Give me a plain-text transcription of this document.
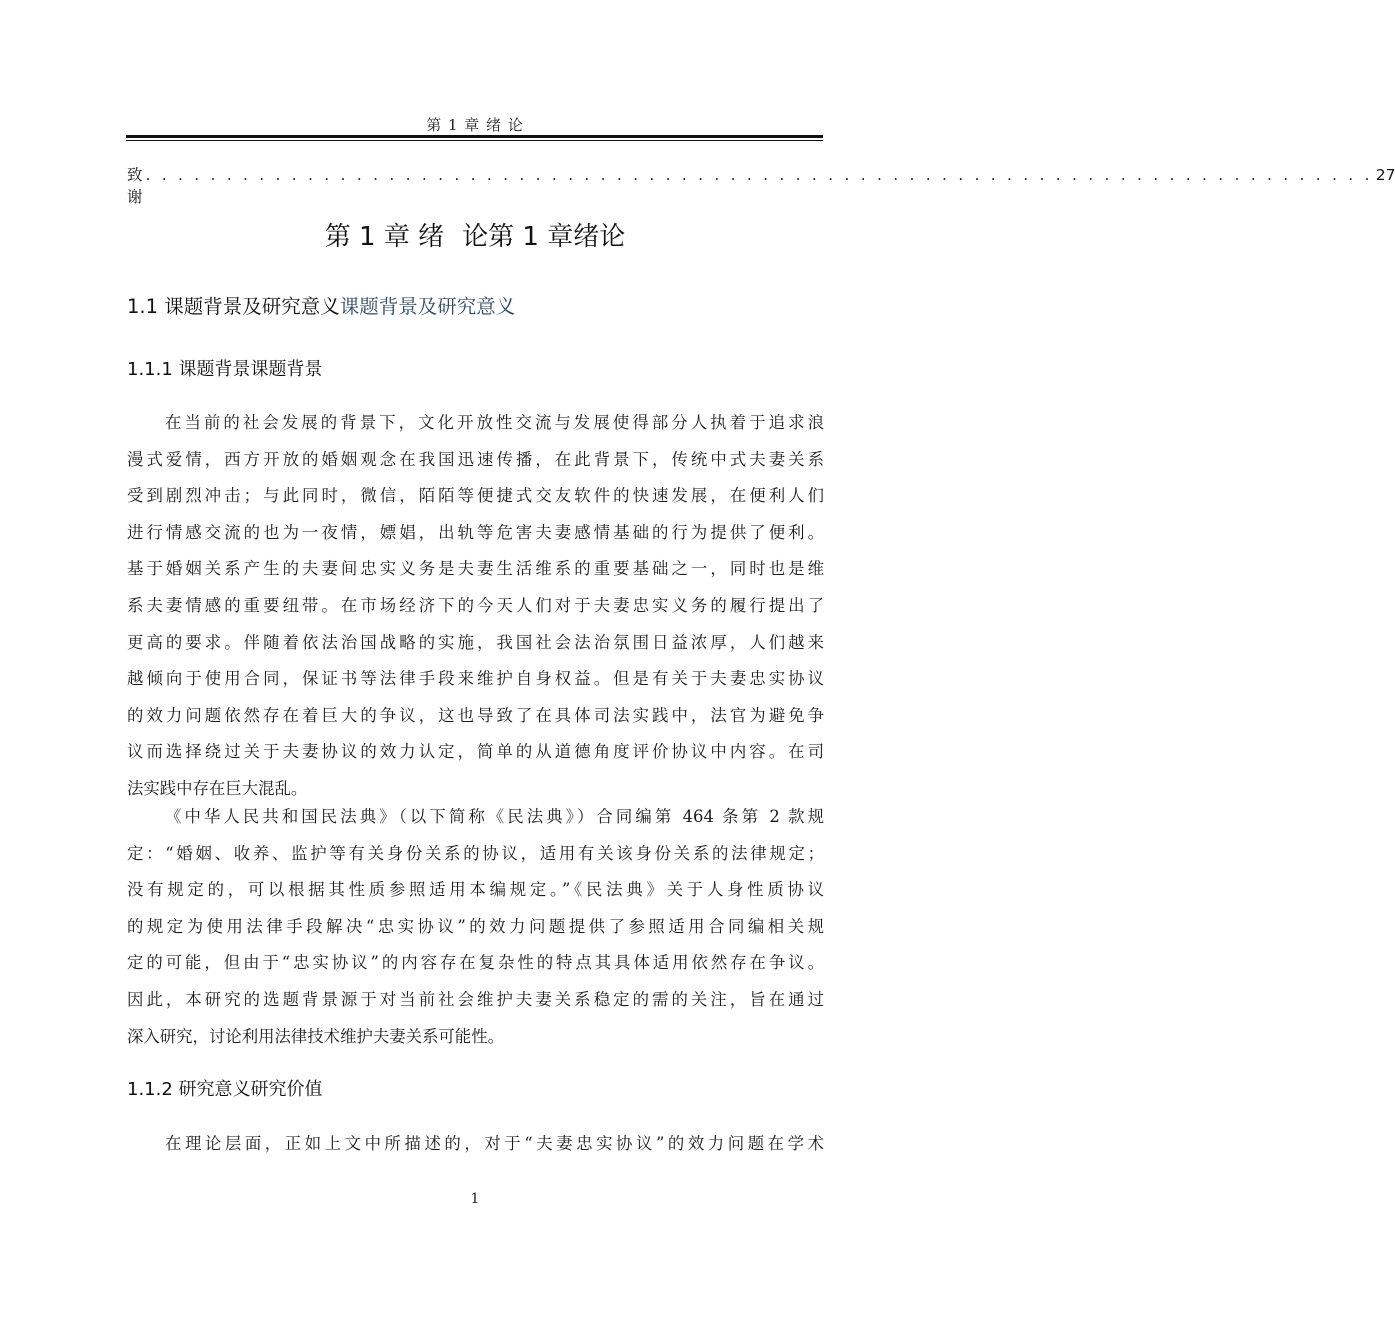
第 1 章 绪 论
致谢
. . . . . . . . . . . . . . . . . . . . . . . . . . . . . . . . . . . . . . . . . . . . . . . . . . . . . . . . . . . . . . . . . . . . . . . . . . . . 27
第 1 章 绪 论第 1 章绪论
1.1 课题背景及研究意义课题背景及研究意义
1.1.1 课题背景课题背景
在当前的社会发展的背景下，文化开放性交流与发展使得部分人执着于追求浪
漫式爱情，西方开放的婚姻观念在我国迅速传播，在此背景下，传统中式夫妻关系
受到剧烈冲击；与此同时，微信，陌陌等便捷式交友软件的快速发展，在便利人们
进行情感交流的也为一夜情，嫖娼，出轨等危害夫妻感情基础的行为提供了便利。
基于婚姻关系产生的夫妻间忠实义务是夫妻生活维系的重要基础之一，同时也是维
系夫妻情感的重要纽带。在市场经济下的今天人们对于夫妻忠实义务的履行提出了
更高的要求。伴随着依法治国战略的实施，我国社会法治氛围日益浓厚，人们越来
越倾向于使用合同，保证书等法律手段来维护自身权益。但是有关于夫妻忠实协议
的效力问题依然存在着巨大的争议，这也导致了在具体司法实践中，法官为避免争
议而选择绕过关于夫妻协议的效力认定，简单的从道德角度评价协议中内容。在司
法实践中存在巨大混乱。
《中华人民共和国民法典》（以下简称《民法典》）合同编第 464 条第 2 款规
定：“婚姻、收养、监护等有关身份关系的协议，适用有关该身份关系的法律规定；
没有规定的，可以根据其性质参照适用本编规定。”《民法典》关于人身性质协议
的规定为使用法律手段解决“忠实协议”的效力问题提供了参照适用合同编相关规
定的可能，但由于“忠实协议”的内容存在复杂性的特点其具体适用依然存在争议。
因此，本研究的选题背景源于对当前社会维护夫妻关系稳定的需的关注，旨在通过
深入研究，讨论利用法律技术维护夫妻关系可能性。
1.1.2 研究意义研究价值
在理论层面，正如上文中所描述的，对于“夫妻忠实协议”的效力问题在学术
1
